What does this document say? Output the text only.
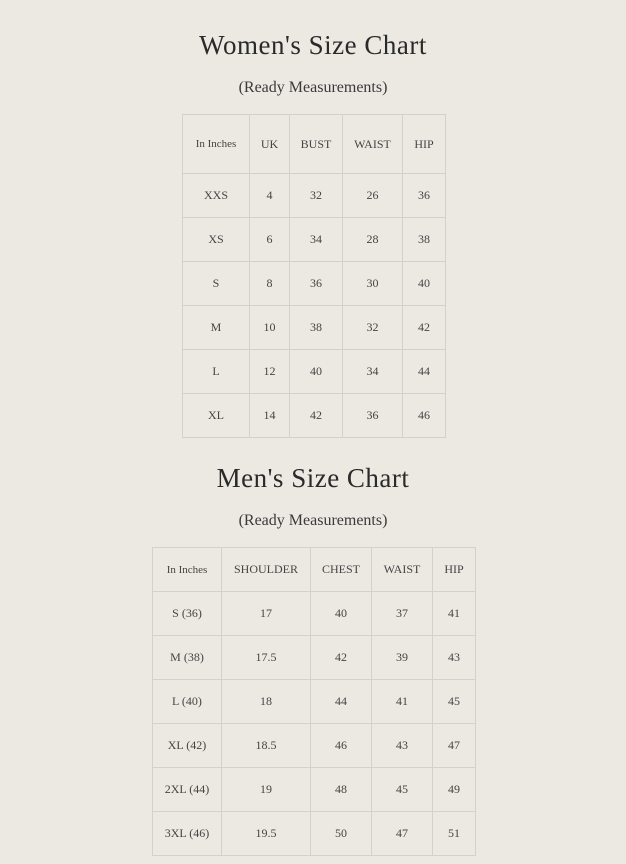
Women's Size Chart
(Ready Measurements)
In Inches	UK	BUST	WAIST	HIP
XXS	4	32	26	36
XS	6	34	28	38
S	8	36	30	40
M	10	38	32	42
L	12	40	34	44
XL	14	42	36	46
Men's Size Chart
(Ready Measurements)
In Inches	SHOULDER	CHEST	WAIST	HIP
S (36)	17	40	37	41
M (38)	17.5	42	39	43
L (40)	18	44	41	45
XL (42)	18.5	46	43	47
2XL (44)	19	48	45	49
3XL (46)	19.5	50	47	51
